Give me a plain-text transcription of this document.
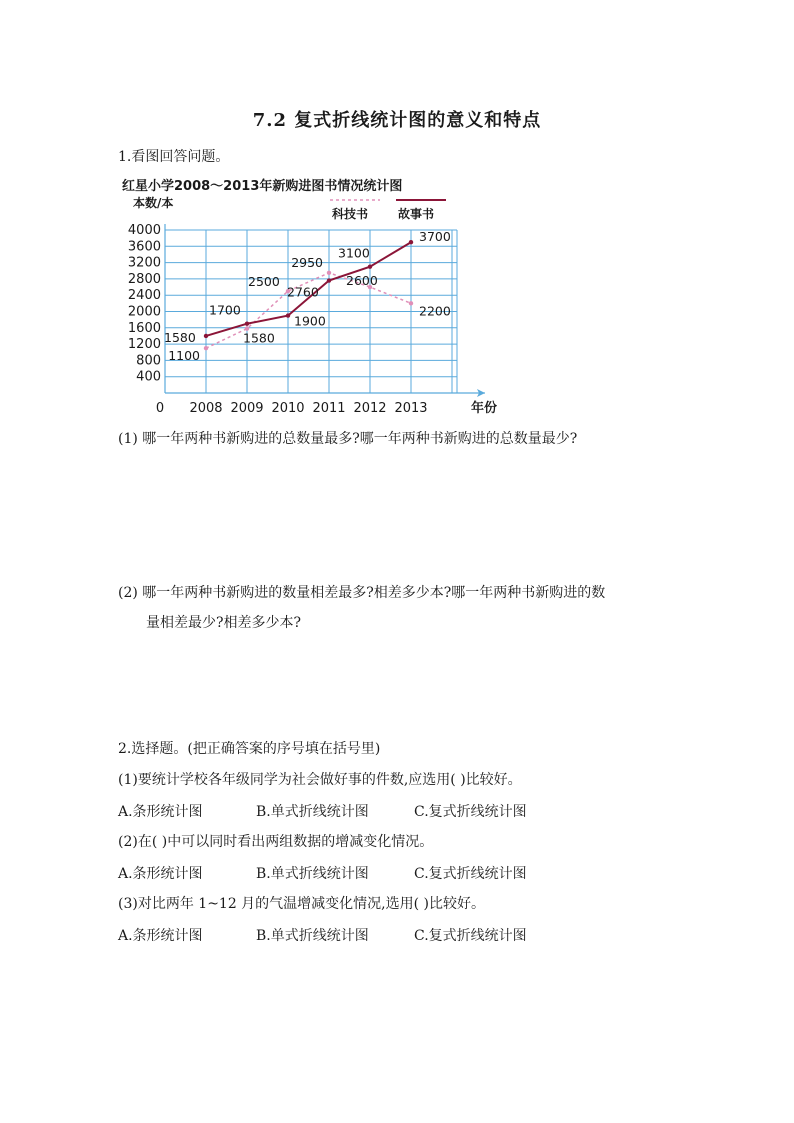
7.2 复式折线统计图的意义和特点
1.看图回答问题。
红星小学2008～2013年新购进图书情况统计图
400
800
1200
1600
2000
2400
2800
3200
3600
4000
0 2008 2009 2010 2011 2012 2013
本数/本
年份
科技书 故事书
1100
1580
2500
2950
2600
2200
1580
1700
1900
2760
3100
3700
(1) 哪一年两种书新购进的总数量最多?哪一年两种书新购进的总数量最少?
(2) 哪一年两种书新购进的数量相差最多?相差多少本?哪一年两种书新购进的数
量相差最少?相差多少本?
2.选择题。(把正确答案的序号填在括号里)
(1)要统计学校各年级同学为社会做好事的件数,应选用( )比较好。
A.条形统计图	B.单式折线统计图	C.复式折线统计图
(2)在( )中可以同时看出两组数据的增减变化情况。
A.条形统计图	B.单式折线统计图	C.复式折线统计图
(3)对比两年 1~12 月的气温增减变化情况,选用( )比较好。
A.条形统计图	B.单式折线统计图	C.复式折线统计图
